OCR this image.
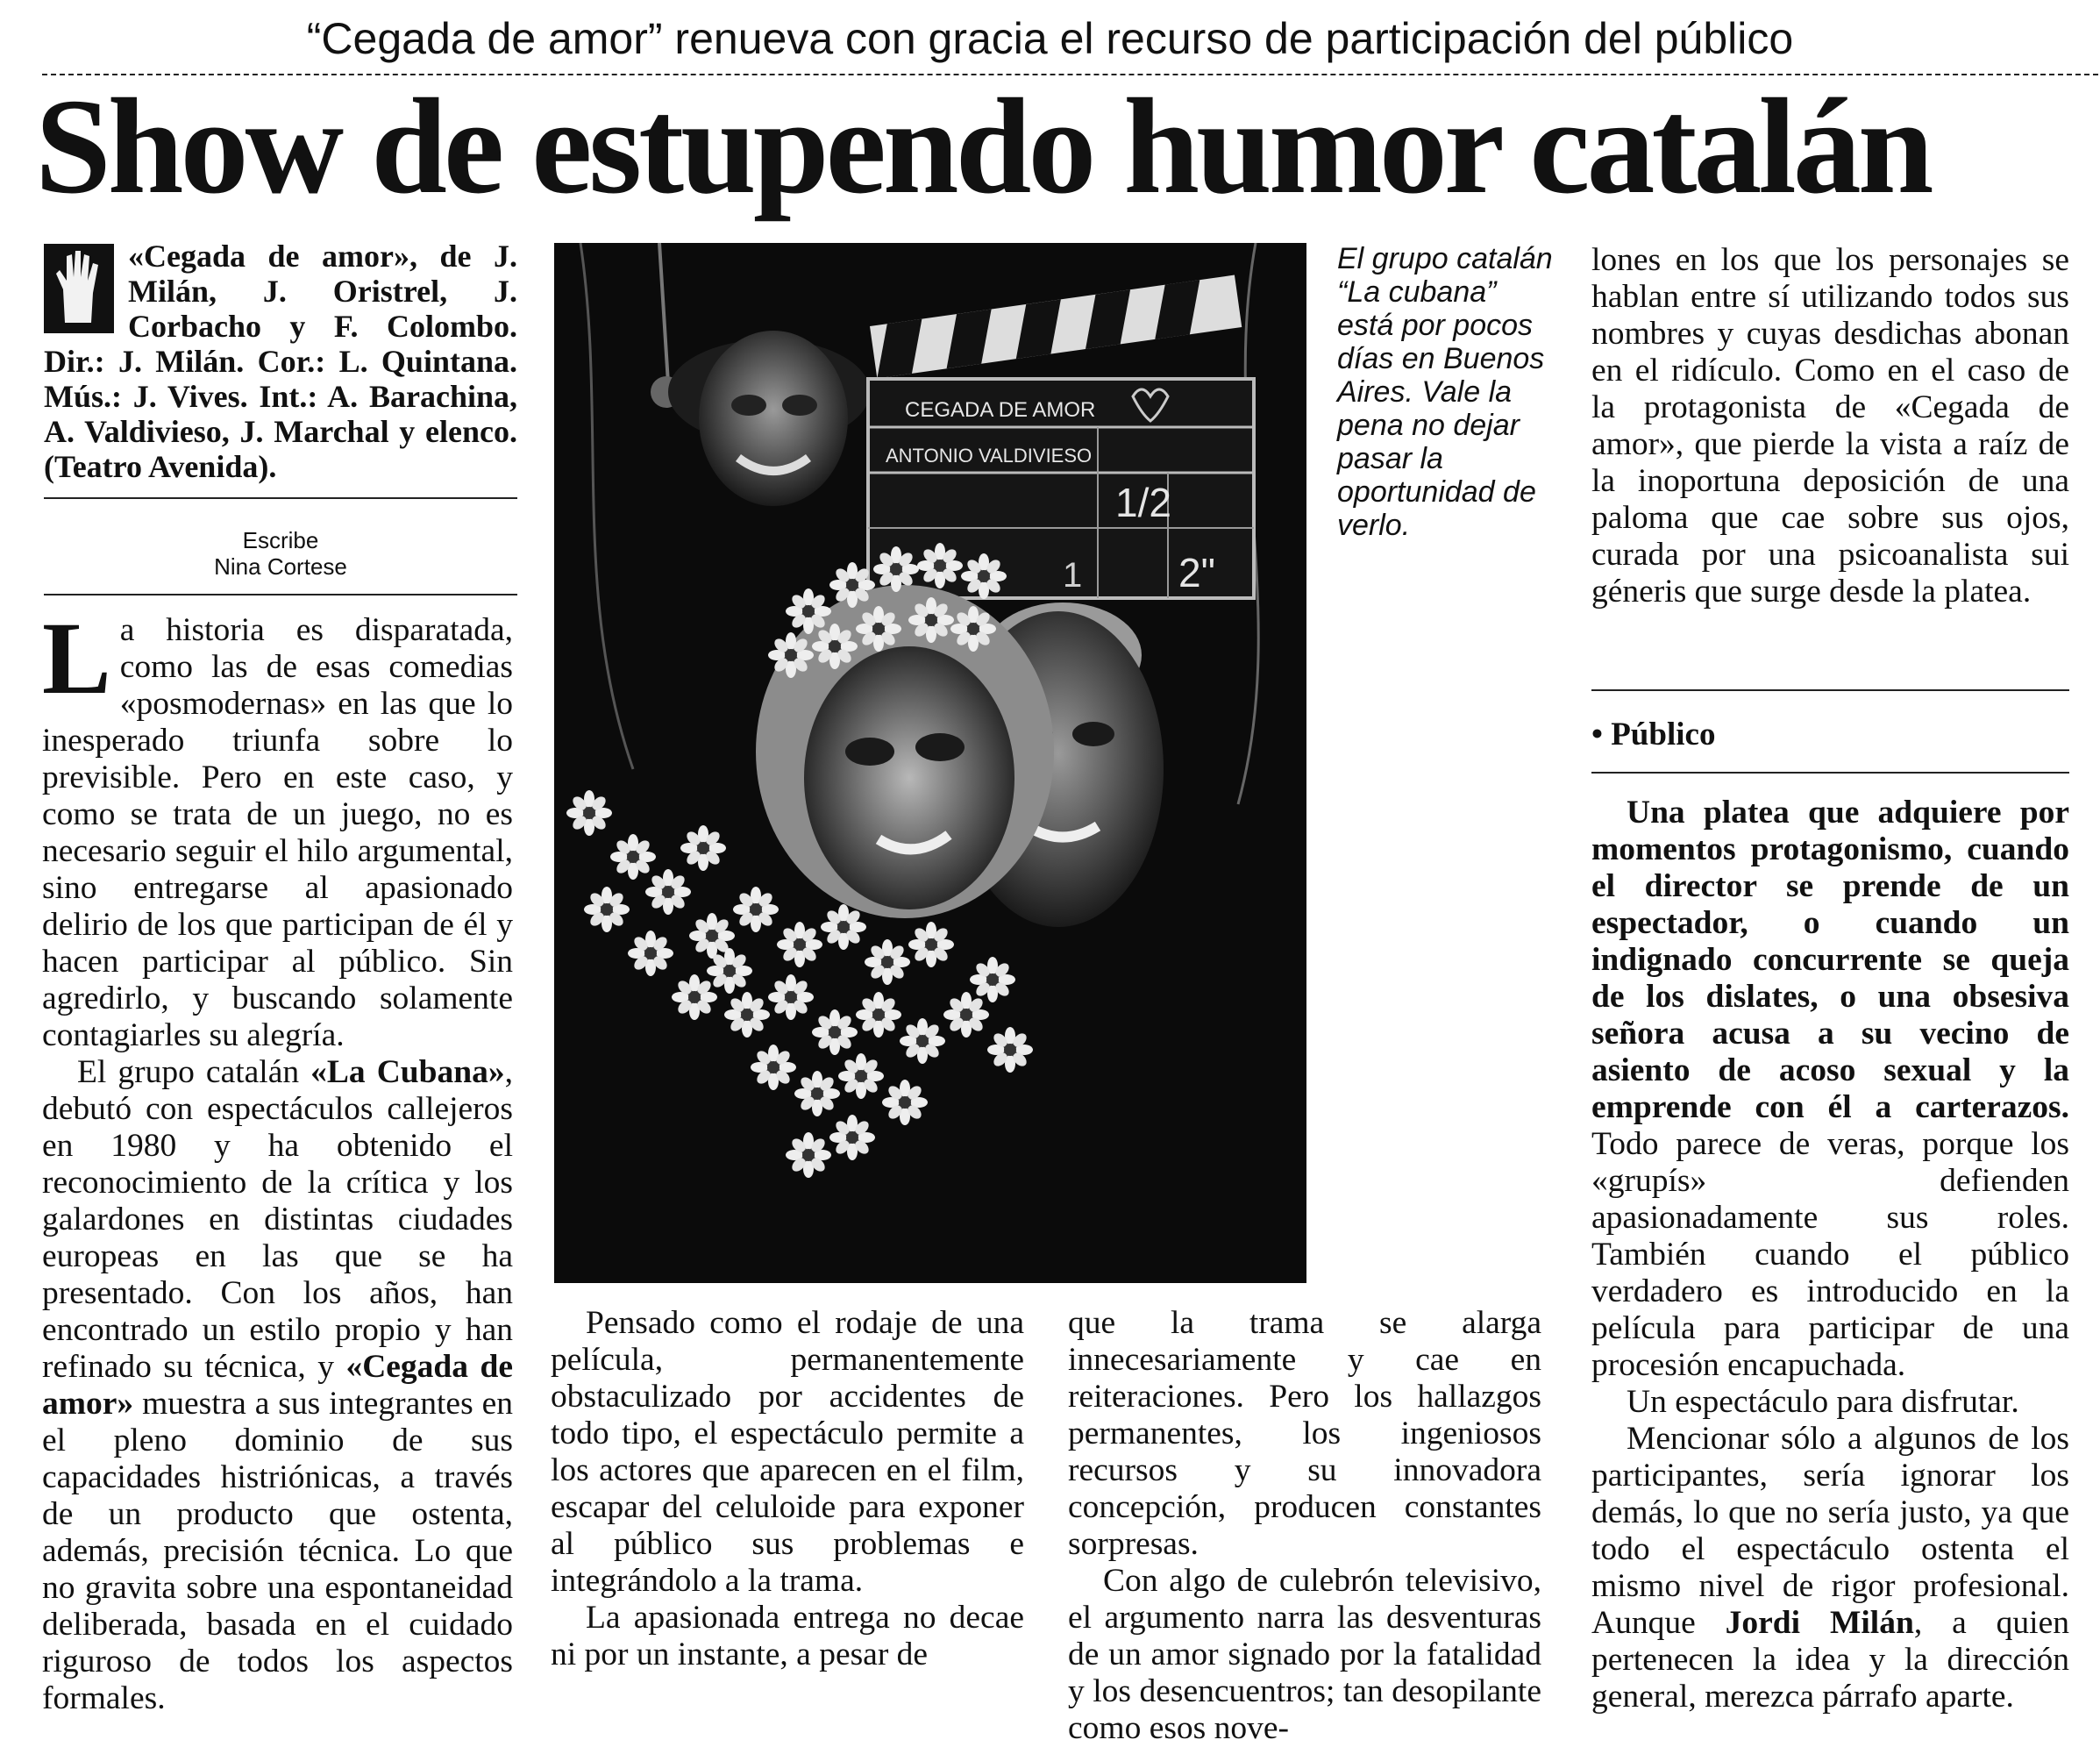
“Cegada de amor” renueva con gracia el recurso de participación del público
Show de estupendo humor catalán
«Cegada de amor», de J. Milán, J. Oristrel, J. Corbacho y F. Colombo. Dir.: J. Milán. Cor.: L. Quintana. Mús.: J. Vives. Int.: A. Barachina, A. Valdivieso, J. Marchal y elenco. (Teatro Avenida).
Escribe
Nina Cortese

La historia es disparatada, como las de esas comedias «posmodernas» en las que lo inesperado triunfa sobre lo previsible. Pero en este caso, y como se trata de un juego, no es necesario seguir el hilo argumental, sino entregarse al apasionado delirio de los que participan de él y hacen participar al público. Sin agredirlo, y buscando solamente contagiarles su alegría.

El grupo catalán «La Cubana», debutó con espectáculos callejeros en 1980 y ha obtenido el reconocimiento de la crítica y los galardones en distintas ciudades europeas en las que se ha presentado. Con los años, han encontrado un estilo propio y han refinado su técnica, y «Cegada de amor» muestra a sus integrantes en el pleno dominio de sus capacidades histriónicas, a través de un producto que ostenta, además, precisión técnica. Lo que no gravita sobre una espontaneidad deliberada, basada en el cuidado riguroso de todos los aspectos formales.

CEGADA DE AMOR
ANTONIO VALDIVIESO
1/2
1 2"
El grupo catalán “La cubana” está por pocos días en Buenos Aires. Vale la pena no dejar pasar la oportunidad de verlo.

Pensado como el rodaje de una película, permanentemente obstaculizado por accidentes de todo tipo, el espectáculo permite a los actores que aparecen en el film, escapar del celuloide para exponer al público sus problemas e integrándolo a la trama.

La apasionada entrega no decae ni por un instante, a pesar de

que la trama se alarga innecesariamente y cae en reiteraciones. Pero los hallazgos permanentes, los ingeniosos recursos y su innovadora concepción, producen constantes sorpresas.

Con algo de culebrón televisivo, el argumento narra las desventuras de un amor signado por la fatalidad y los desencuentros; tan desopilante como esos nove-

lones en los que los personajes se hablan entre sí utilizando todos sus nombres y cuyas desdichas abonan en el ridículo. Como en el caso de la protagonista de «Cegada de amor», que pierde la vista a raíz de la inoportuna deposición de una paloma que cae sobre sus ojos, curada por una psicoanalista sui géneris que surge desde la platea.

• Público

Una platea que adquiere por momentos protagonismo, cuando el director se prende de un espectador, o cuando un indignado concurrente se queja de los dislates, o una obsesiva señora acusa a su vecino de asiento de acoso sexual y la emprende con él a carterazos. Todo parece de veras, porque los «grupís» defienden apasionadamente sus roles. También cuando el público verdadero es introducido en la película para participar de una procesión encapuchada.

Un espectáculo para disfrutar.

Mencionar sólo a algunos de los participantes, sería ignorar los demás, lo que no sería justo, ya que todo el espectáculo ostenta el mismo nivel de rigor profesional. Aunque Jordi Milán, a quien pertenecen la idea y la dirección general, merezca párrafo aparte.
